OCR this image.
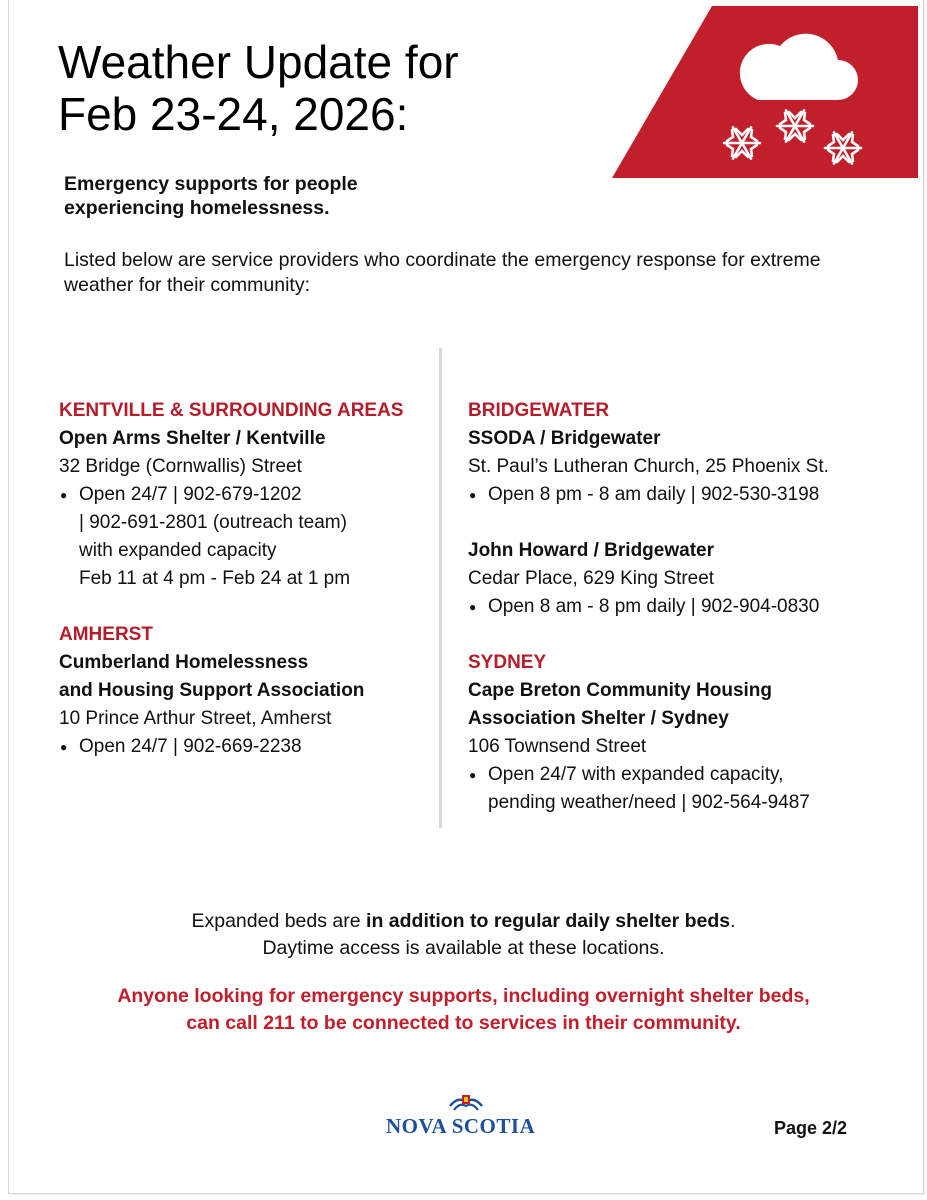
Weather Update for
Feb 23-24, 2026:

Emergency supports for people
experiencing homelessness.

Listed below are service providers who coordinate the emergency response for extreme weather for their community:

KENTVILLE & SURROUNDING AREAS
Open Arms Shelter / Kentville
32 Bridge (Cornwallis) Street
● Open 24/7 | 902-679-1202
| 902-691-2801 (outreach team)
with expanded capacity
Feb 11 at 4 pm - Feb 24 at 1 pm
AMHERST
Cumberland Homelessness
and Housing Support Association
10 Prince Arthur Street, Amherst
● Open 24/7 | 902-669-2238
BRIDGEWATER
SSODA / Bridgewater
St. Paul’s Lutheran Church, 25 Phoenix St.
● Open 8 pm - 8 am daily | 902-530-3198
John Howard / Bridgewater
Cedar Place, 629 King Street
● Open 8 am - 8 pm daily | 902-904-0830
SYDNEY
Cape Breton Community Housing
Association Shelter / Sydney
106 Townsend Street
● Open 24/7 with expanded capacity,
pending weather/need | 902-564-9487
Expanded beds are in addition to regular daily shelter beds.
Daytime access is available at these locations.
Anyone looking for emergency supports, including overnight shelter beds,
can call 211 to be connected to services in their community.
NOVA SCOTIA	Page 2/2
